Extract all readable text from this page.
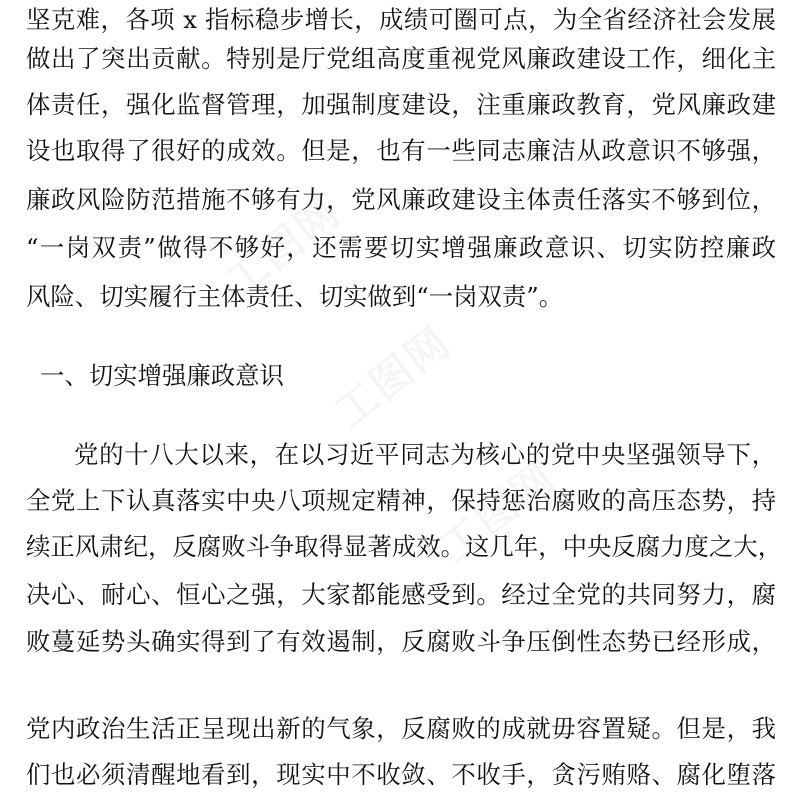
工图网
工图网
工图网
坚克难，各项 x 指标稳步增长，成绩可圈可点，为全省经济社会发展
做出了突出贡献。特别是厅党组高度重视党风廉政建设工作，细化主
体责任，强化监督管理，加强制度建设，注重廉政教育，党风廉政建
设也取得了很好的成效。但是，也有一些同志廉洁从政意识不够强，
廉政风险防范措施不够有力，党风廉政建设主体责任落实不够到位，
“一岗双责”做得不够好，还需要切实增强廉政意识、切实防控廉政
风险、切实履行主体责任、切实做到“一岗双责”。
一、切实增强廉政意识
党的十八大以来，在以习近平同志为核心的党中央坚强领导下，
全党上下认真落实中央八项规定精神，保持惩治腐败的高压态势，持
续正风肃纪，反腐败斗争取得显著成效。这几年，中央反腐力度之大，
决心、耐心、恒心之强，大家都能感受到。经过全党的共同努力，腐
败蔓延势头确实得到了有效遏制，反腐败斗争压倒性态势已经形成，
党内政治生活正呈现出新的气象，反腐败的成就毋容置疑。但是，我
们也必须清醒地看到，现实中不收敛、不收手，贪污贿赂、腐化堕落
